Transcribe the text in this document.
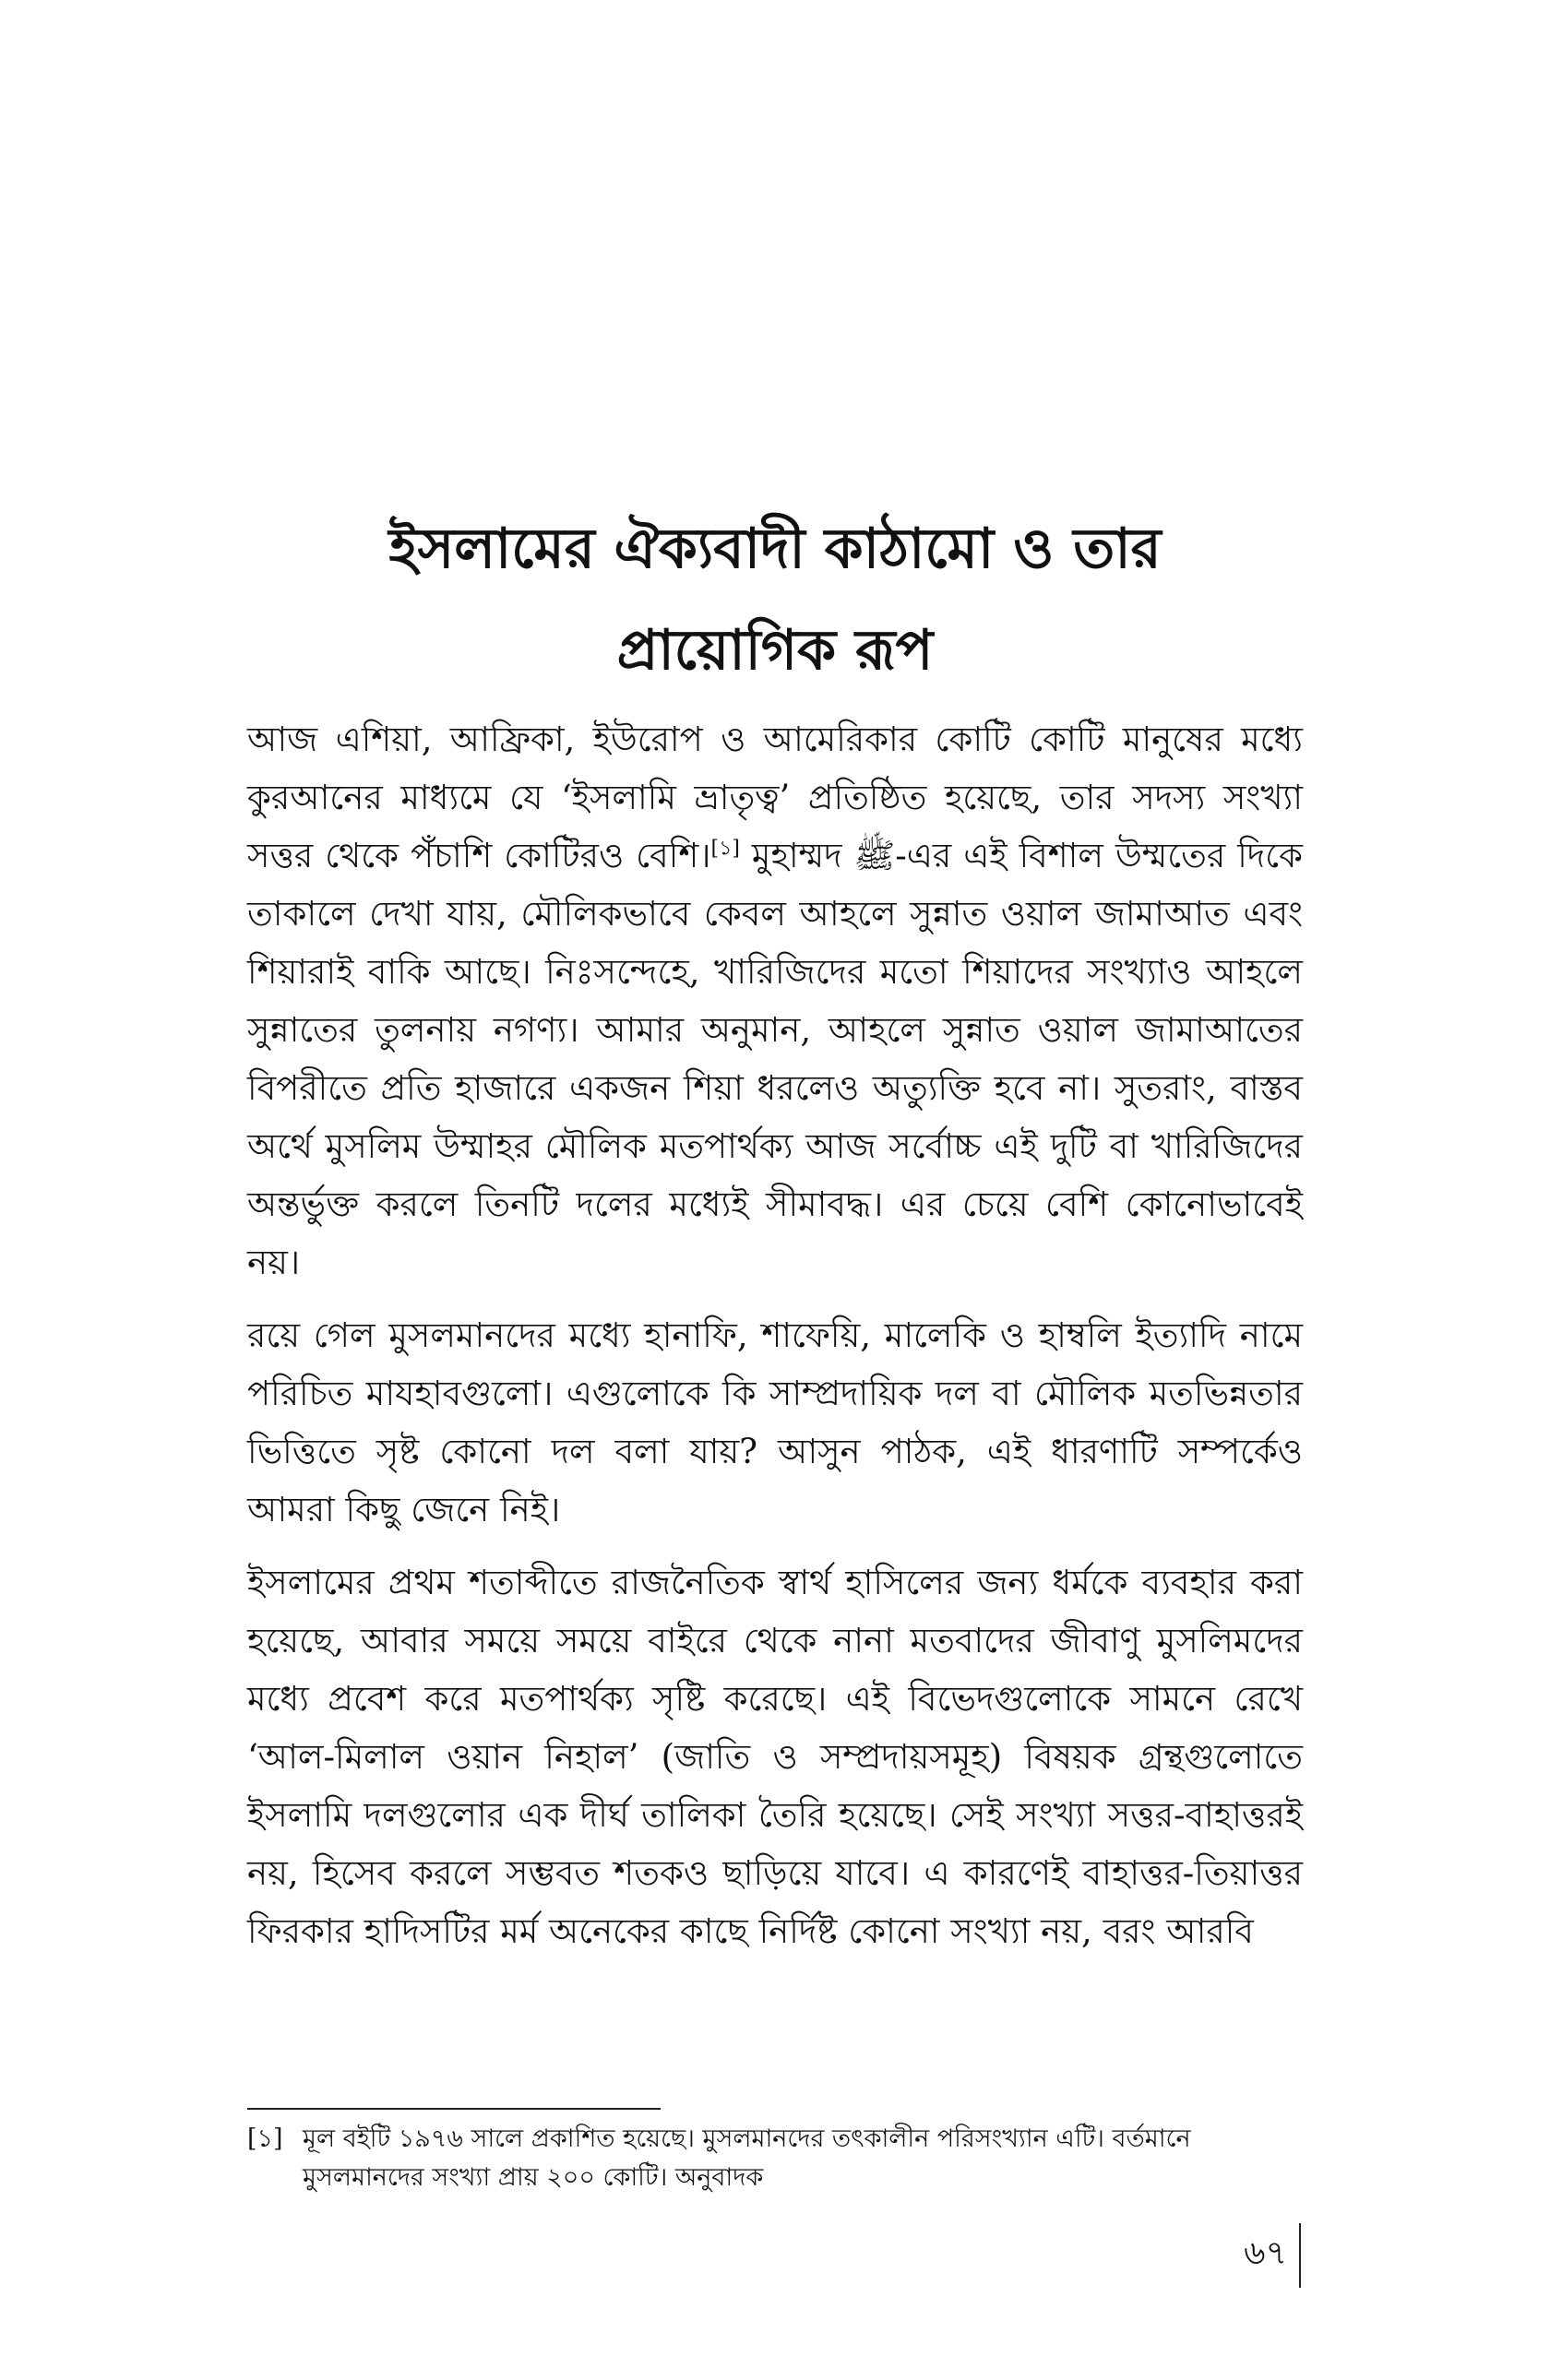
ইসলামের ঐক্যবাদী কাঠামো ও তার
প্রায়োগিক রূপ

আজ এশিয়া, আফ্রিকা, ইউরোপ ও আমেরিকার কোটি কোটি মানুষের মধ্যে কুরআনের মাধ্যমে যে ‘ইসলামি ভ্রাতৃত্ব’ প্রতিষ্ঠিত হয়েছে, তার সদস্য সংখ্যা সত্তর থেকে পঁচাশি কোটিরও বেশি।[১] মুহাম্মদ ﷺ-এর এই বিশাল উম্মতের দিকে তাকালে দেখা যায়, মৌলিকভাবে কেবল আহলে সুন্নাত ওয়াল জামাআত এবং শিয়ারাই বাকি আছে। নিঃসন্দেহে, খারিজিদের মতো শিয়াদের সংখ্যাও আহলে সুন্নাতের তুলনায় নগণ্য। আমার অনুমান, আহলে সুন্নাত ওয়াল জামাআতের বিপরীতে প্রতি হাজারে একজন শিয়া ধরলেও অত্যুক্তি হবে না। সুতরাং, বাস্তব অর্থে মুসলিম উম্মাহর মৌলিক মতপার্থক্য আজ সর্বোচ্চ এই দুটি বা খারিজিদের অন্তর্ভুক্ত করলে তিনটি দলের মধ্যেই সীমাবদ্ধ। এর চেয়ে বেশি কোনোভাবেই নয়।

রয়ে গেল মুসলমানদের মধ্যে হানাফি, শাফেয়ি, মালেকি ও হাম্বলি ইত্যাদি নামে পরিচিত মাযহাবগুলো। এগুলোকে কি সাম্প্রদায়িক দল বা মৌলিক মতভিন্নতার ভিত্তিতে সৃষ্ট কোনো দল বলা যায়? আসুন পাঠক, এই ধারণাটি সম্পর্কেও আমরা কিছু জেনে নিই।

ইসলামের প্রথম শতাব্দীতে রাজনৈতিক স্বার্থ হাসিলের জন্য ধর্মকে ব্যবহার করা হয়েছে, আবার সময়ে সময়ে বাইরে থেকে নানা মতবাদের জীবাণু মুসলিমদের মধ্যে প্রবেশ করে মতপার্থক্য সৃষ্টি করেছে। এই বিভেদগুলোকে সামনে রেখে ‘আল-মিলাল ওয়ান নিহাল’ (জাতি ও সম্প্রদায়সমূহ) বিষয়ক গ্রন্থগুলোতে ইসলামি দলগুলোর এক দীর্ঘ তালিকা তৈরি হয়েছে। সেই সংখ্যা সত্তর-বাহাত্তরই নয়, হিসেব করলে সম্ভবত শতকও ছাড়িয়ে যাবে। এ কারণেই বাহাত্তর-তিয়াত্তর ফিরকার হাদিসটির মর্ম অনেকের কাছে নির্দিষ্ট কোনো সংখ্যা নয়, বরং আরবি

[১] মূল বইটি ১৯৭৬ সালে প্রকাশিত হয়েছে। মুসলমানদের তৎকালীন পরিসংখ্যান এটি। বর্তমানে
মুসলমানদের সংখ্যা প্রায় ২০০ কোটি। অনুবাদক
৬৭
